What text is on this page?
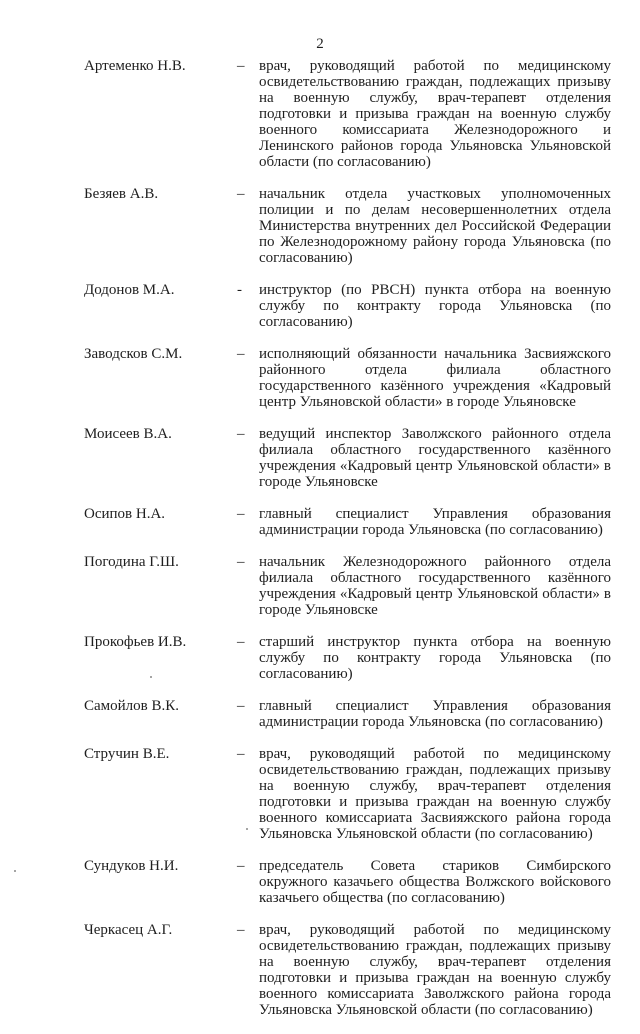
2
Артеменко Н.В.	– врач, руководящий работой по медицинскому освидетельствованию граждан, подлежащих призыву на военную службу, врач-терапевт отделения подготовки и призыва граждан на военную службу военного комиссариата Железнодорожного и Ленинского районов города Ульяновска Ульяновской области (по согласованию)
Безяев А.В.	– начальник отдела участковых уполномоченных полиции и по делам несовершеннолетних отдела Министерства внутренних дел Российской Федерации по Железнодорожному району города Ульяновска (по согласованию)
Додонов М.А.	- инструктор (по РВСН) пункта отбора на военную службу по контракту города Ульяновска (по согласованию)
Заводсков С.М.	– исполняющий обязанности начальника Засвияжского районного отдела филиала областного государственного казённого учреждения «Кадровый центр Ульяновской области» в городе Ульяновске
Моисеев В.А.	– ведущий инспектор Заволжского районного отдела филиала областного государственного казённого учреждения «Кадровый центр Ульяновской области» в городе Ульяновске
Осипов Н.А.	– главный специалист Управления образования администрации города Ульяновска (по согласованию)
Погодина Г.Ш.	– начальник Железнодорожного районного отдела филиала областного государственного казённого учреждения «Кадровый центр Ульяновской области» в городе Ульяновске
Прокофьев И.В.	– старший инструктор пункта отбора на военную службу по контракту города Ульяновска (по согласованию)
Самойлов В.К.	– главный специалист Управления образования администрации города Ульяновска (по согласованию)
Стручин В.Е.	– врач, руководящий работой по медицинскому освидетельствованию граждан, подлежащих призыву на военную службу, врач-терапевт отделения подготовки и призыва граждан на военную службу военного комиссариата Засвияжского района города Ульяновска Ульяновской области (по согласованию)
Сундуков Н.И.	– председатель Совета стариков Симбирского окружного казачьего общества Волжского войскового казачьего общества (по согласованию)
Черкасец А.Г.	– врач, руководящий работой по медицинскому освидетельствованию граждан, подлежащих призыву на военную службу, врач-терапевт отделения подготовки и призыва граждан на военную службу военного комиссариата Заволжского района города Ульяновска Ульяновской области (по согласованию)
